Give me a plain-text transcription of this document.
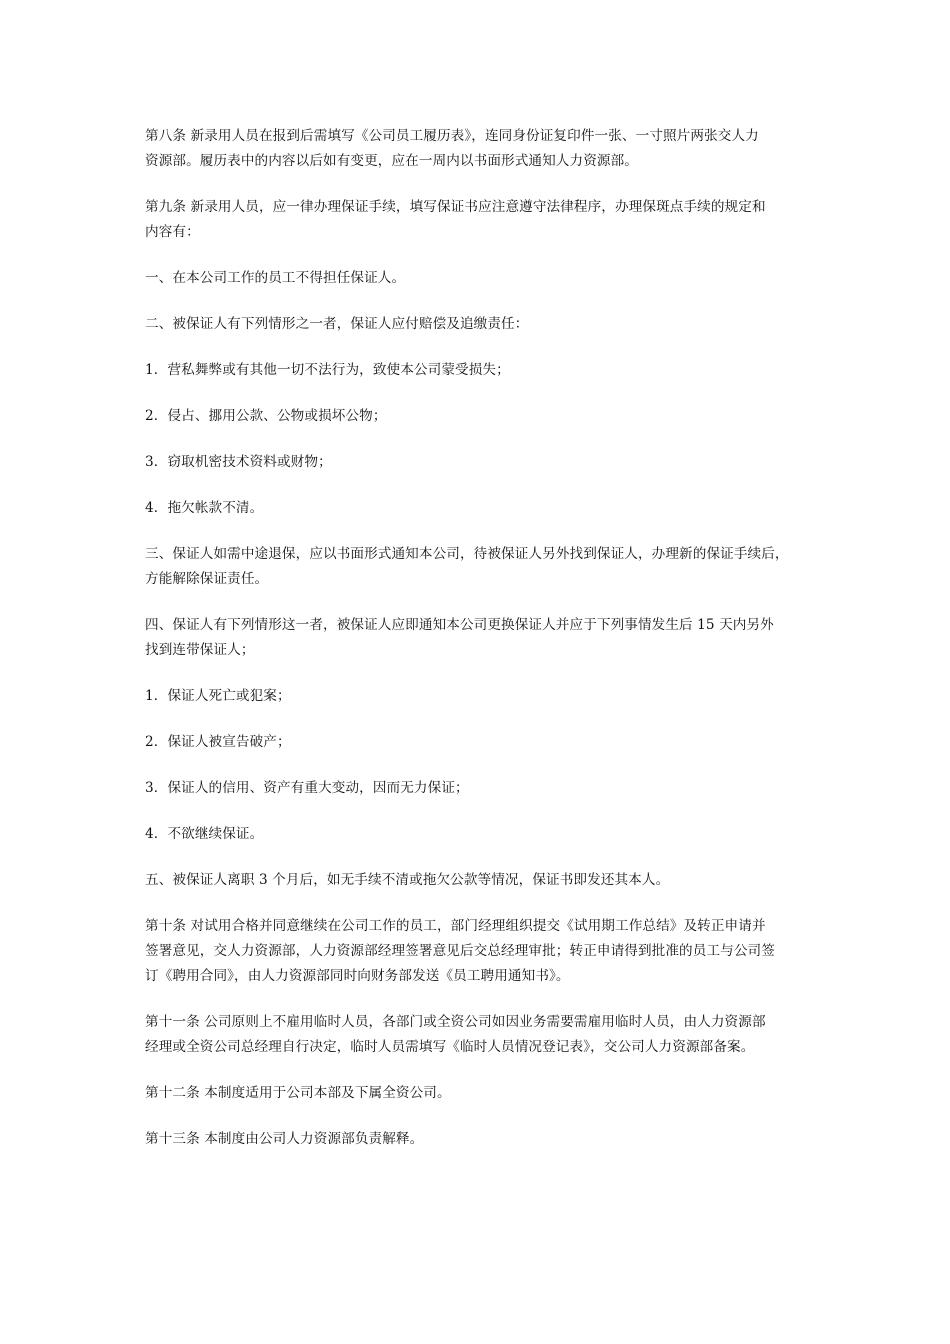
第八条 新录用人员在报到后需填写《公司员工履历表》，连同身份证复印件一张、一寸照片两张交人力
资源部。履历表中的内容以后如有变更，应在一周内以书面形式通知人力资源部。

第九条 新录用人员，应一律办理保证手续，填写保证书应注意遵守法律程序，办理保斑点手续的规定和
内容有：

一、在本公司工作的员工不得担任保证人。

二、被保证人有下列情形之一者，保证人应付赔偿及追缴责任：

1．营私舞弊或有其他一切不法行为，致使本公司蒙受损失；

2．侵占、挪用公款、公物或损坏公物；

3．窃取机密技术资料或财物；

4．拖欠帐款不清。

三、保证人如需中途退保，应以书面形式通知本公司，待被保证人另外找到保证人，办理新的保证手续后，
方能解除保证责任。

四、保证人有下列情形这一者，被保证人应即通知本公司更换保证人并应于下列事情发生后 15 天内另外
找到连带保证人；

1．保证人死亡或犯案；

2．保证人被宣告破产；

3．保证人的信用、资产有重大变动，因而无力保证；

4．不欲继续保证。

五、被保证人离职 3 个月后，如无手续不清或拖欠公款等情况，保证书即发还其本人。

第十条 对试用合格并同意继续在公司工作的员工，部门经理组织提交《试用期工作总结》及转正申请并
签署意见，交人力资源部，人力资源部经理签署意见后交总经理审批；转正申请得到批准的员工与公司签
订《聘用合同》，由人力资源部同时向财务部发送《员工聘用通知书》。

第十一条 公司原则上不雇用临时人员，各部门或全资公司如因业务需要需雇用临时人员，由人力资源部
经理或全资公司总经理自行决定，临时人员需填写《临时人员情况登记表》，交公司人力资源部备案。

第十二条 本制度适用于公司本部及下属全资公司。

第十三条 本制度由公司人力资源部负责解释。
